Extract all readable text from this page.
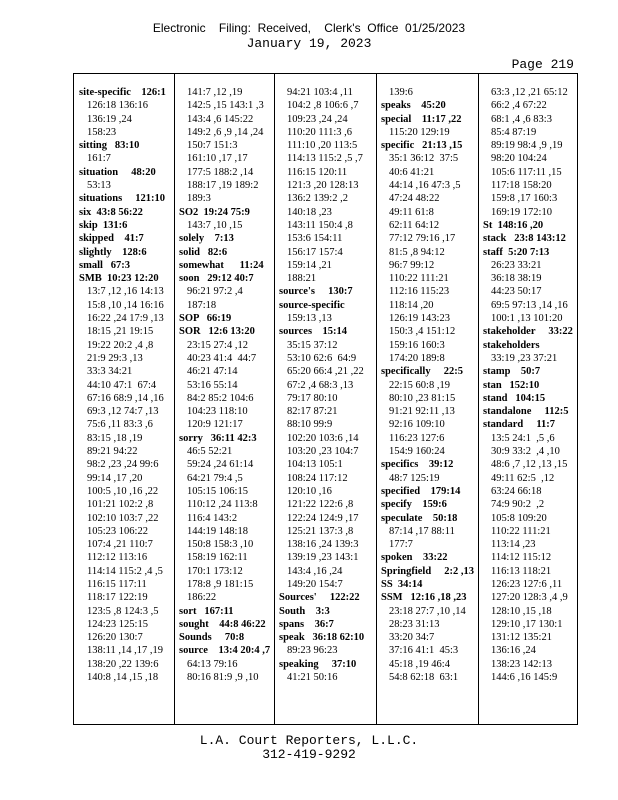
Electronic    Filing:  Received,    Clerk's  Office  01/25/2023
January 19, 2023
Page 219
site-specific    126:1
126:18 136:16
136:19 ,24
158:23
sitting   83:10
161:7
situation     48:20
53:13
situations     121:10
six  43:8 56:22
skip  131:6
skipped    41:7
slightly    128:6
small   67:3
SMB  10:23 12:20
13:7 ,12 ,16 14:13
15:8 ,10 ,14 16:16
16:22 ,24 17:9 ,13
18:15 ,21 19:15
19:22 20:2 ,4 ,8
21:9 29:3 ,13
33:3 34:21
44:10 47:1  67:4
67:16 68:9 ,14 ,16
69:3 ,12 74:7 ,13
75:6 ,11 83:3 ,6
83:15 ,18 ,19
89:21 94:22
98:2 ,23 ,24 99:6
99:14 ,17 ,20
100:5 ,10 ,16 ,22
101:21 102:2 ,8
102:10 103:7 ,22
105:23 106:22
107:4 ,21 110:7
112:12 113:16
114:14 115:2 ,4 ,5
116:15 117:11
118:17 122:19
123:5 ,8 124:3 ,5
124:23 125:15
126:20 130:7
138:11 ,14 ,17 ,19
138:20 ,22 139:6
140:8 ,14 ,15 ,18
141:7 ,12 ,19
142:5 ,15 143:1 ,3
143:4 ,6 145:22
149:2 ,6 ,9 ,14 ,24
150:7 151:3
161:10 ,17 ,17
177:5 188:2 ,14
188:17 ,19 189:2
189:3
SO2  19:24 75:9
143:7 ,10 ,15
solely    7:13
solid   82:6
somewhat      11:24
soon   29:12 40:7
96:21 97:2 ,4
187:18
SOP   66:19
SOR   12:6 13:20
23:15 27:4 ,12
40:23 41:4  44:7
46:21 47:14
53:16 55:14
84:2 85:2 104:6
104:23 118:10
120:9 121:17
sorry   36:11 42:3
46:5 52:21
59:24 ,24 61:14
64:21 79:4 ,5
105:15 106:15
110:12 ,24 113:8
116:4 143:2
144:19 148:18
150:8 158:3 ,10
158:19 162:11
170:1 173:12
178:8 ,9 181:15
186:22
sort   167:11
sought    44:8 46:22
Sounds     70:8
source    13:4 20:4 ,7
64:13 79:16
80:16 81:9 ,9 ,10
94:21 103:4 ,11
104:2 ,8 106:6 ,7
109:23 ,24 ,24
110:20 111:3 ,6
111:10 ,20 113:5
114:13 115:2 ,5 ,7
116:15 120:11
121:3 ,20 128:13
136:2 139:2 ,2
140:18 ,23
143:11 150:4 ,8
153:6 154:11
156:17 157:4
159:14 ,21
188:21
source's     130:7
source-specific
159:13 ,13
sources    15:14
35:15 37:12
53:10 62:6  64:9
65:20 66:4 ,21 ,22
67:2 ,4 68:3 ,13
79:17 80:10
82:17 87:21
88:10 99:9
102:20 103:6 ,14
103:20 ,23 104:7
104:13 105:1
108:24 117:12
120:10 ,16
121:22 122:6 ,8
122:24 124:9 ,17
125:21 137:3 ,8
138:16 ,24 139:3
139:19 ,23 143:1
143:4 ,16 ,24
149:20 154:7
Sources'     122:22
South    3:3
spans    36:7
speak   36:18 62:10
89:23 96:23
speaking     37:10
41:21 50:16
139:6
speaks    45:20
special    11:17 ,22
115:20 129:19
specific   21:13 ,15
35:1 36:12  37:5
40:6 41:21
44:14 ,16 47:3 ,5
47:24 48:22
49:11 61:8
62:11 64:12
77:12 79:16 ,17
81:5 ,8 94:12
96:7 99:12
110:22 111:21
112:16 115:23
118:14 ,20
126:19 143:23
150:3 ,4 151:12
159:16 160:3
174:20 189:8
specifically     22:5
22:15 60:8 ,19
80:10 ,23 81:15
91:21 92:11 ,13
92:16 109:10
116:23 127:6
154:9 160:24
specifics    39:12
48:7 125:19
specified    179:14
specify    159:6
speculate    50:18
87:14 ,17 88:11
177:7
spoken    33:22
Springfield     2:2 ,13
SS  34:14
SSM   12:16 ,18 ,23
23:18 27:7 ,10 ,14
28:23 31:13
33:20 34:7
37:16 41:1  45:3
45:18 ,19 46:4
54:8 62:18  63:1
63:3 ,12 ,21 65:12
66:2 ,4 67:22
68:1 ,4 ,6 83:3
85:4 87:19
89:19 98:4 ,9 ,19
98:20 104:24
105:6 117:11 ,15
117:18 158:20
159:8 ,17 160:3
169:19 172:10
St  148:16 ,20
stack   23:8 143:12
staff  5:20 7:13
26:23 33:21
36:18 38:19
44:23 50:17
69:5 97:13 ,14 ,16
100:1 ,13 101:20
stakeholder     33:22
stakeholders
33:19 ,23 37:21
stamp    50:7
stan   152:10
stand   104:15
standalone     112:5
standard     11:7
13:5 24:1  ,5 ,6
30:9 33:2  ,4 ,10
48:6 ,7 ,12 ,13 ,15
49:11 62:5  ,12
63:24 66:18
74:9 90:2  ,2
105:8 109:20
110:22 111:21
113:14 ,23
114:12 115:12
116:13 118:21
126:23 127:6 ,11
127:20 128:3 ,4 ,9
128:10 ,15 ,18
129:10 ,17 130:1
131:12 135:21
136:16 ,24
138:23 142:13
144:6 ,16 145:9
L.A. Court Reporters, L.L.C.
312-419-9292
